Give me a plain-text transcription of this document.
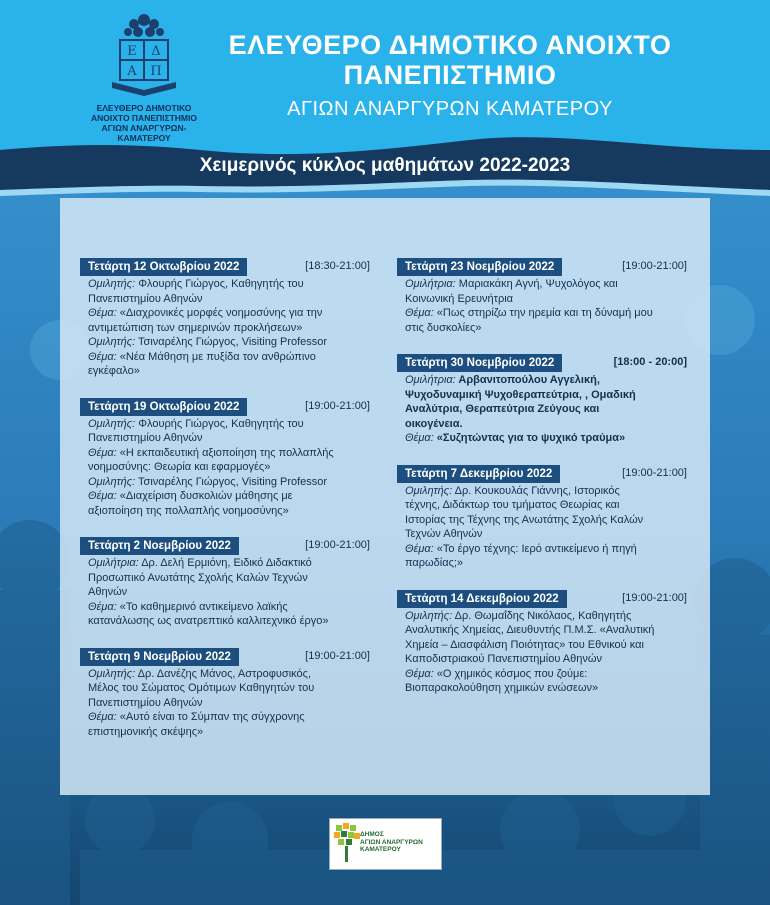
Ε Δ
Α Π
ΕΛΕΥΘΕΡΟ ΔΗΜΟΤΙΚΟ
ΑΝΟΙΧΤΟ ΠΑΝΕΠΙΣΤΗΜΙΟ
ΑΓΙΩΝ ΑΝΑΡΓΥΡΩΝ-ΚΑΜΑΤΕΡΟΥ
ΕΛΕΥΘΕΡΟ ΔΗΜΟΤΙΚΟ ΑΝΟΙΧΤΟ
ΠΑΝΕΠΙΣΤΗΜΙΟ
ΑΓΙΩΝ ΑΝΑΡΓΥΡΩΝ ΚΑΜΑΤΕΡΟΥ
Χειμερινός κύκλος μαθημάτων 2022-2023
Τετάρτη 12 Οκτωβρίου 2022	[18:30-21:00]
Ομιλητής: Φλουρής Γιώργος, Καθηγητής του
Πανεπιστημίου Αθηνών
Θέμα: «Διαχρονικές μορφές νοημοσύνης για την
αντιμετώπιση των σημερινών προκλήσεων»
Ομιλητής: Τσιναρέλης Γιώργος, Visiting Professor
Θέμα: «Νέα Μάθηση με πυξίδα τον ανθρώπινο
εγκέφαλο»
Τετάρτη 19 Οκτωβρίου 2022	[19:00-21:00]
Ομιλητής: Φλουρής Γιώργος, Καθηγητής του
Πανεπιστημίου Αθηνών
Θέμα: «Η εκπαιδευτική αξιοποίηση της πολλαπλής
νοημοσύνης: Θεωρία και εφαρμογές»
Ομιλητής: Τσιναρέλης Γιώργος, Visiting Professor
Θέμα: «Διαχείριση δυσκολιών μάθησης με
αξιοποίηση της πολλαπλής νοημοσύνης»
Τετάρτη 2 Νοεμβρίου 2022	[19:00-21:00]
Ομιλήτρια: Δρ. Δελή Ερμιόνη, Ειδικό Διδακτικό
Προσωπικό Ανωτάτης Σχολής Καλών Τεχνών
Αθηνών
Θέμα: «Το καθημερινό αντικείμενο λαϊκής
κατανάλωσης ως ανατρεπτικό καλλιτεχνικό έργο»
Τετάρτη 9 Νοεμβρίου 2022	[19:00-21:00]
Ομιλητής: Δρ. Δανέζης Μάνος, Αστροφυσικός,
Μέλος του Σώματος Ομότιμων Καθηγητών του
Πανεπιστημίου Αθηνών
Θέμα: «Αυτό είναι το Σύμπαν της σύγχρονης
επιστημονικής σκέψης»
Τετάρτη 23 Νοεμβρίου 2022	[19:00-21:00]
Ομιλήτρια: Μαριακάκη Αγνή, Ψυχολόγος και
Κοινωνική Ερευνήτρια
Θέμα: «Πως στηρίζω την ηρεμία και τη δύναμή μου
στις δυσκολίες»
Τετάρτη 30 Νοεμβρίου 2022	[18:00 - 20:00]
Ομιλήτρια: Αρβανιτοπούλου Αγγελική,
Ψυχοδυναμική Ψυχοθεραπεύτρια, , Ομαδική
Αναλύτρια, Θεραπεύτρια Ζεύγους και
οικογένεια.
Θέμα: «Συζητώντας για το ψυχικό τραύμα»
Τετάρτη 7 Δεκεμβρίου 2022	[19:00-21:00]
Ομιλητής: Δρ. Κουκουλάς Γιάννης, Ιστορικός
τέχνης, Διδάκτωρ του τμήματος Θεωρίας και
Ιστορίας της Τέχνης της Ανωτάτης Σχολής Καλών
Τεχνών Αθηνών
Θέμα: «Το έργο τέχνης: Ιερό αντικείμενο ή πηγή
παρωδίας;»
Τετάρτη 14 Δεκεμβρίου 2022	[19:00-21:00]
Ομιλητής: Δρ. Θωμαΐδης Νικόλαος, Καθηγητής
Αναλυτικής Χημείας, Διευθυντής Π.Μ.Σ. «Αναλυτική
Χημεία – Διασφάλιση Ποιότητας» του Εθνικού και
Καποδιστριακού Πανεπιστημίου Αθηνών
Θέμα: «Ο χημικός κόσμος που ζούμε:
Βιοπαρακολούθηση χημικών ενώσεων»
ΔΗΜΟΣ
ΑΓΙΩΝ ΑΝΑΡΓΥΡΩΝ
ΚΑΜΑΤΕΡΟΥ
